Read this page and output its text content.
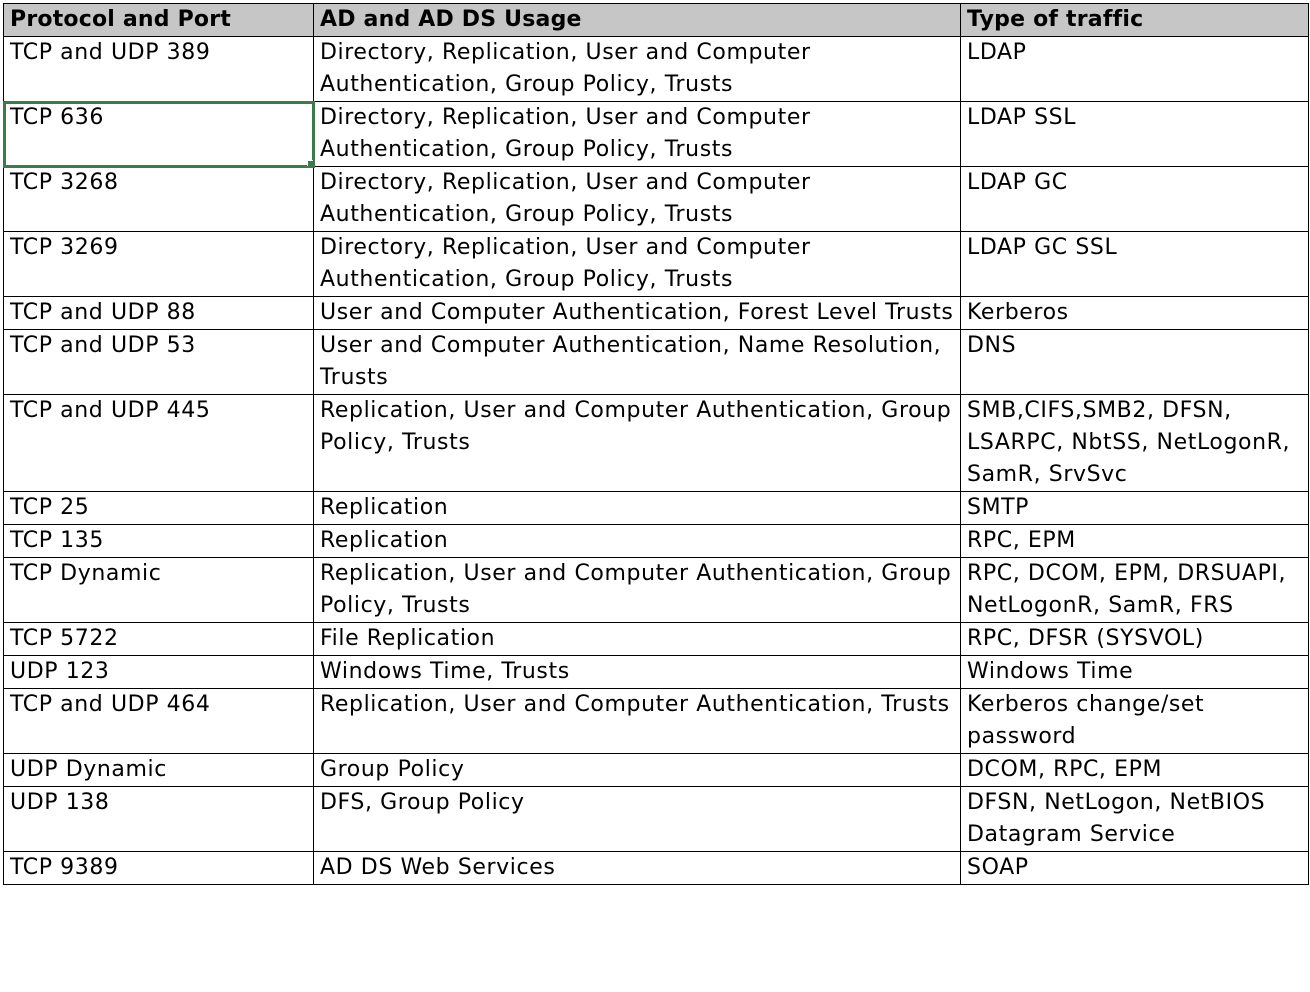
Protocol and Port	AD and AD DS Usage	Type of traffic
TCP and UDP 389	Directory, Replication, User and Computer Authentication, Group Policy, Trusts	LDAP
TCP 636	Directory, Replication, User and Computer Authentication, Group Policy, Trusts	LDAP SSL
TCP 3268	Directory, Replication, User and Computer Authentication, Group Policy, Trusts	LDAP GC
TCP 3269	Directory, Replication, User and Computer Authentication, Group Policy, Trusts	LDAP GC SSL
TCP and UDP 88	User and Computer Authentication, Forest Level Trusts	Kerberos
TCP and UDP 53	User and Computer Authentication, Name Resolution, Trusts	DNS
TCP and UDP 445	Replication, User and Computer Authentication, Group Policy, Trusts	SMB,CIFS,SMB2, DFSN, LSARPC, NbtSS, NetLogonR, SamR, SrvSvc
TCP 25	Replication	SMTP
TCP 135	Replication	RPC, EPM
TCP Dynamic	Replication, User and Computer Authentication, Group Policy, Trusts	RPC, DCOM, EPM, DRSUAPI, NetLogonR, SamR, FRS
TCP 5722	File Replication	RPC, DFSR (SYSVOL)
UDP 123	Windows Time, Trusts	Windows Time
TCP and UDP 464	Replication, User and Computer Authentication, Trusts	Kerberos change/set password
UDP Dynamic	Group Policy	DCOM, RPC, EPM
UDP 138	DFS, Group Policy	DFSN, NetLogon, NetBIOS Datagram Service
TCP 9389	AD DS Web Services	SOAP
